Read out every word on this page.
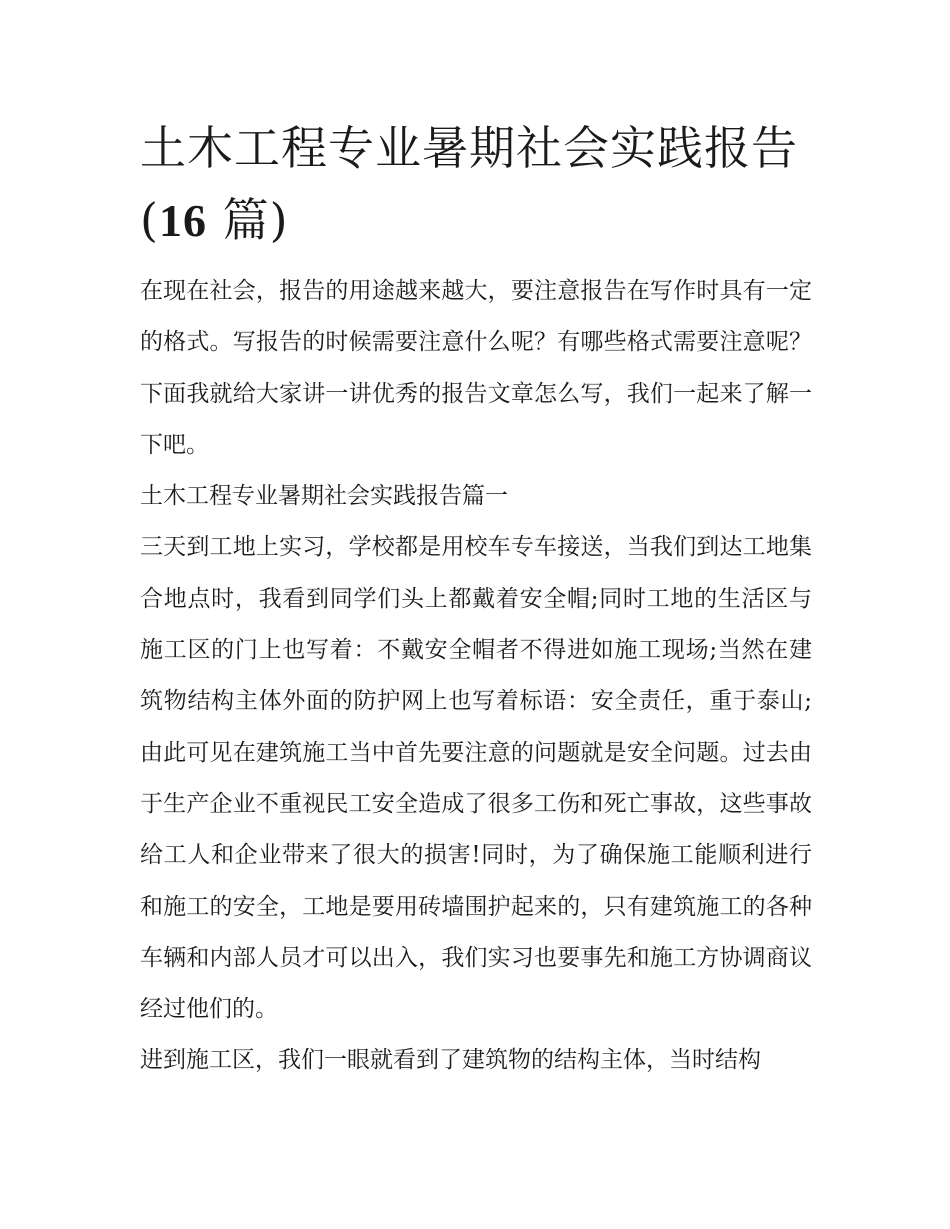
土木工程专业暑期社会实践报告(16 篇)

在现在社会，报告的用途越来越大，要注意报告在写作时具有一定的格式。写报告的时候需要注意什么呢？有哪些格式需要注意呢？下面我就给大家讲一讲优秀的报告文章怎么写，我们一起来了解一下吧。

土木工程专业暑期社会实践报告篇一

三天到工地上实习，学校都是用校车专车接送，当我们到达工地集合地点时，我看到同学们头上都戴着安全帽;同时工地的生活区与施工区的门上也写着：不戴安全帽者不得进如施工现场;当然在建筑物结构主体外面的防护网上也写着标语：安全责任，重于泰山;由此可见在建筑施工当中首先要注意的问题就是安全问题。过去由于生产企业不重视民工安全造成了很多工伤和死亡事故，这些事故给工人和企业带来了很大的损害!同时，为了确保施工能顺利进行和施工的安全，工地是要用砖墙围护起来的，只有建筑施工的各种车辆和内部人员才可以出入，我们实习也要事先和施工方协调商议经过他们的。

进到施工区，我们一眼就看到了建筑物的结构主体，当时结构
